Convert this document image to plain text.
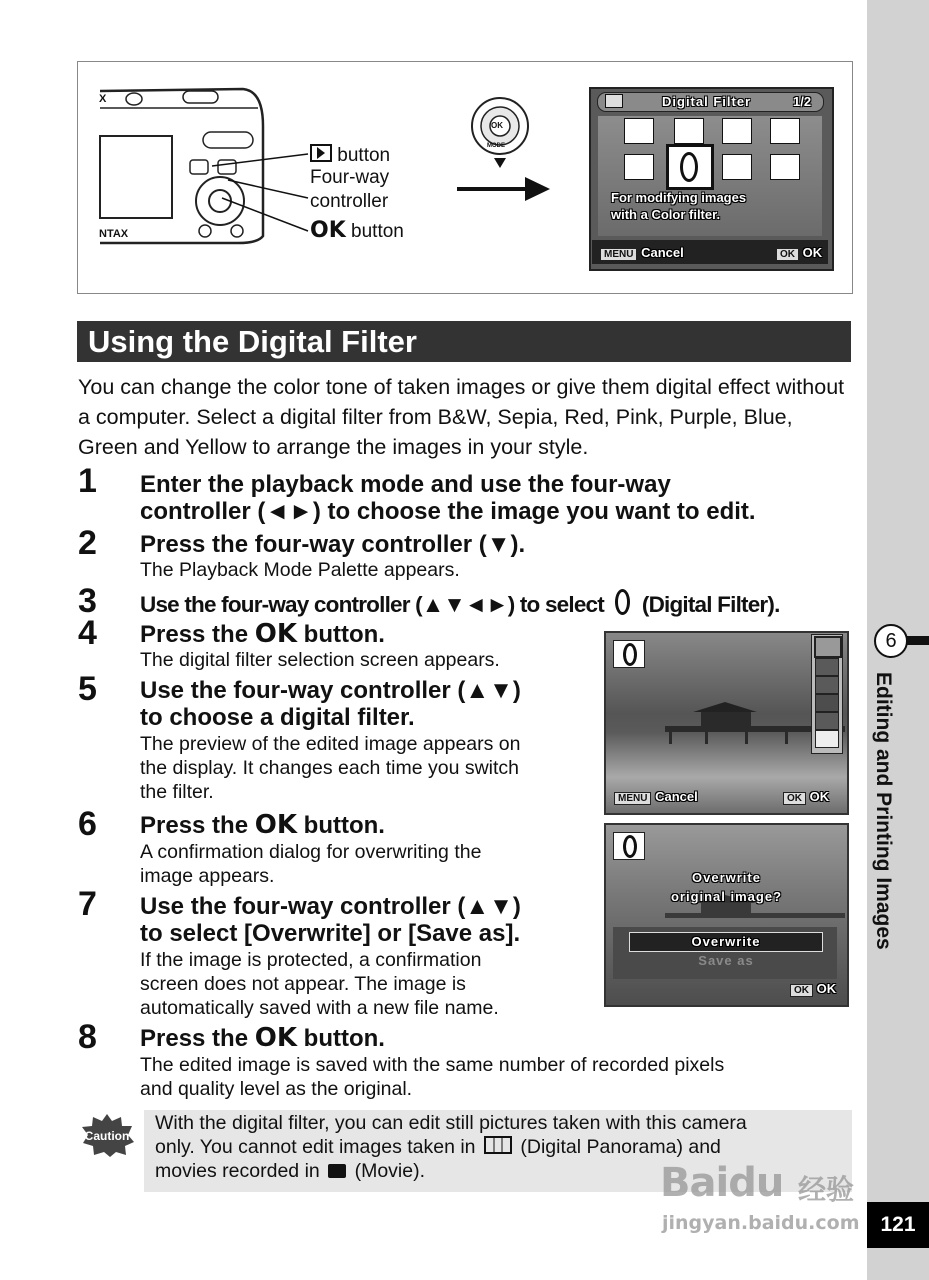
6
Editing and Printing Images
121
X
NTAX
button
Four-way
controller
OK button
OK
MODE
Digital Filter	1/2
For modifying images
with a Color filter.
MENU Cancel	OK OK
Using the Digital Filter
You can change the color tone of taken images or give them digital effect without a computer. Select a digital filter from B&W, Sepia, Red, Pink, Purple, Blue, Green and Yellow to arrange the images in your style.
1 Enter the playback mode and use the four-way
controller (◄►) to choose the image you want to edit.
2 Press the four-way controller (▼).
The Playback Mode Palette appears.
3 Use the four-way controller (▲▼◄►) to select (Digital Filter).
4 Press the OK button.
The digital filter selection screen appears.
5 Use the four-way controller (▲▼)
to choose a digital filter.
The preview of the edited image appears on
the display. It changes each time you switch
the filter.
6 Press the OK button.
A confirmation dialog for overwriting the
image appears.
7 Use the four-way controller (▲▼)
to select [Overwrite] or [Save as].
If the image is protected, a confirmation
screen does not appear. The image is
automatically saved with a new file name.
8 Press the OK button.
The edited image is saved with the same number of recorded pixels
and quality level as the original.
MENU Cancel	OK OK
Overwrite
original image?
Overwrite
Save as
OK OK
Caution
With the digital filter, you can edit still pictures taken with this camera
only. You cannot edit images taken in (Digital Panorama) and
movies recorded in (Movie).	Baidu 经验
jingyan.baidu.com
